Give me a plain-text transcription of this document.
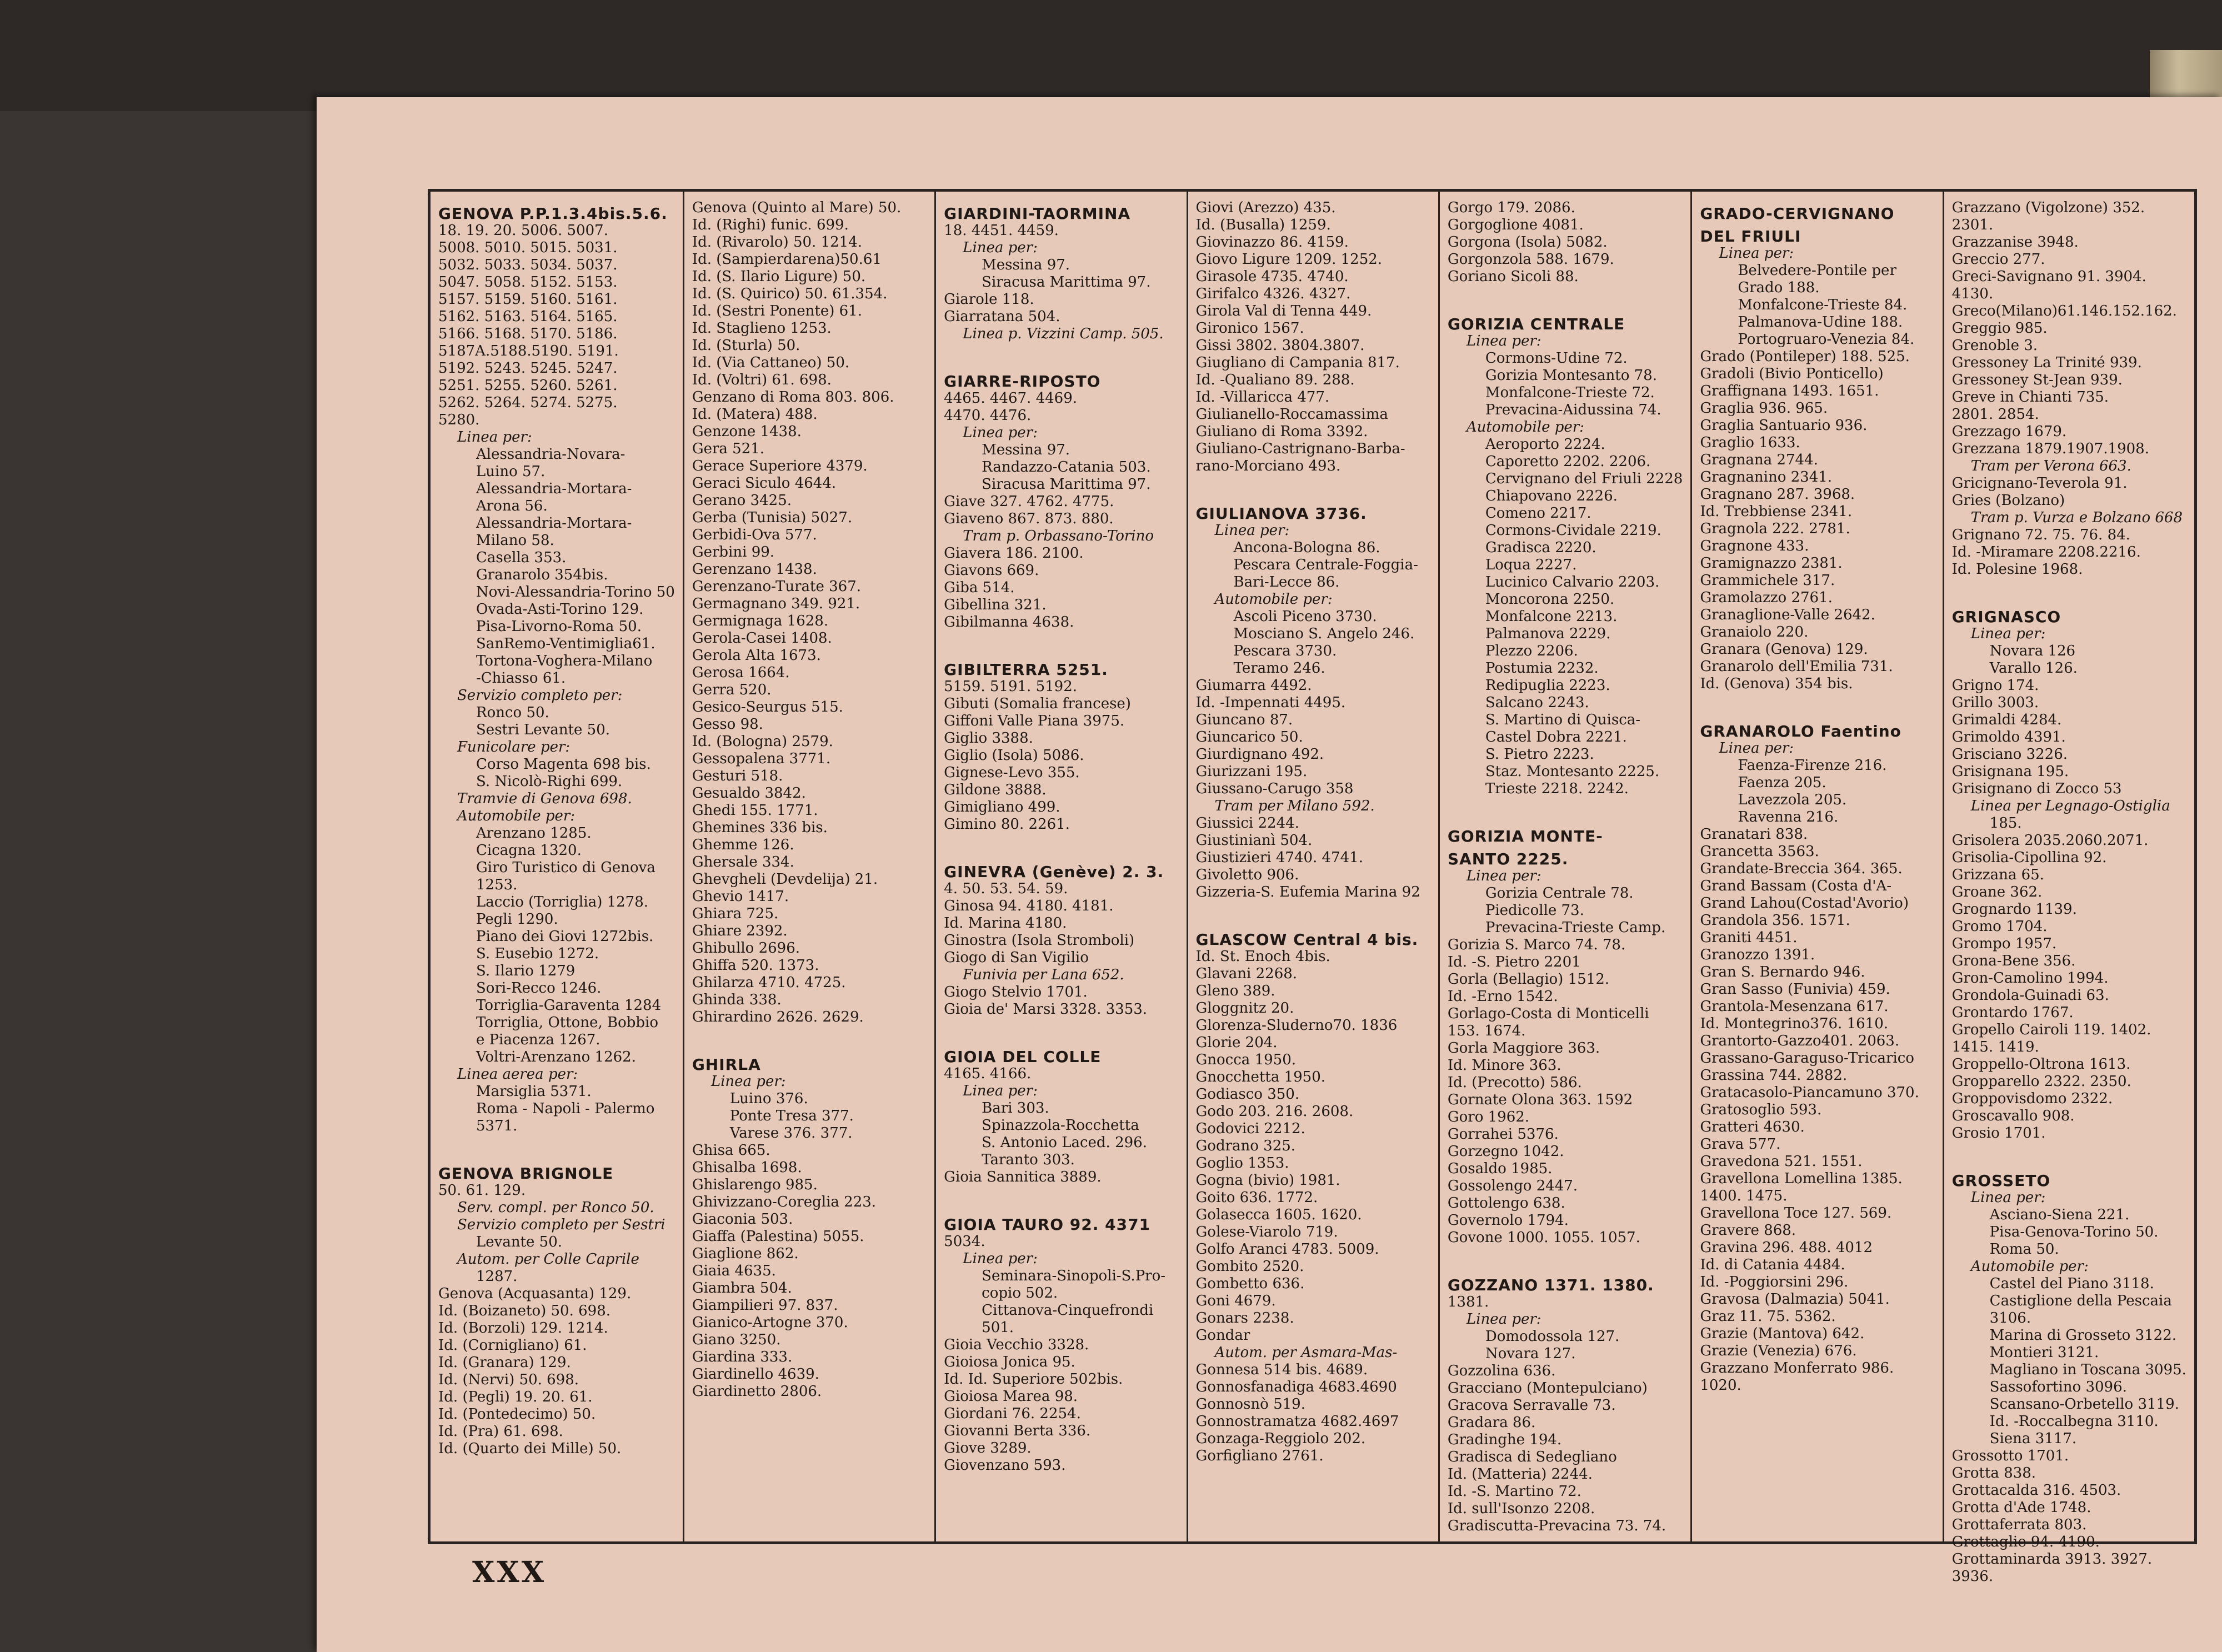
GENOVA P.P.1.3.4bis.5.6.
18. 19. 20. 5006. 5007.
5008. 5010. 5015. 5031.
5032. 5033. 5034. 5037.
5047. 5058. 5152. 5153.
5157. 5159. 5160. 5161.
5162. 5163. 5164. 5165.
5166. 5168. 5170. 5186.
5187A.5188.5190. 5191.
5192. 5243. 5245. 5247.
5251. 5255. 5260. 5261.
5262. 5264. 5274. 5275.
5280.
Linea per:
Alessandria-Novara-
Luino 57.
Alessandria-Mortara-
Arona 56.
Alessandria-Mortara-
Milano 58.
Casella 353.
Granarolo 354bis.
Novi-Alessandria-Torino 50
Ovada-Asti-Torino 129.
Pisa-Livorno-Roma 50.
SanRemo-Ventimiglia61.
Tortona-Voghera-Milano
-Chiasso 61.
Servizio completo per:
Ronco 50.
Sestri Levante 50.
Funicolare per:
Corso Magenta 698 bis.
S. Nicolò-Righi 699.
Tramvie di Genova 698.
Automobile per:
Arenzano 1285.
Cicagna 1320.
Giro Turistico di Genova
1253.
Laccio (Torriglia) 1278.
Pegli 1290.
Piano dei Giovi 1272bis.
S. Eusebio 1272.
S. Ilario 1279
Sori-Recco 1246.
Torriglia-Garaventa 1284
Torriglia, Ottone, Bobbio
e Piacenza 1267.
Voltri-Arenzano 1262.
Linea aerea per:
Marsiglia 5371.
Roma - Napoli - Palermo
5371.
GENOVA BRIGNOLE
50. 61. 129.
Serv. compl. per Ronco 50.
Servizio completo per Sestri
Levante 50.
Autom. per Colle Caprile
1287.
Genova (Acquasanta) 129.
Id. (Boizaneto) 50. 698.
Id. (Borzoli) 129. 1214.
Id. (Cornigliano) 61.
Id. (Granara) 129.
Id. (Nervi) 50. 698.
Id. (Pegli) 19. 20. 61.
Id. (Pontedecimo) 50.
Id. (Pra) 61. 698.
Id. (Quarto dei Mille) 50.
Genova (Quinto al Mare) 50.
Id. (Righi) funic. 699.
Id. (Rivarolo) 50. 1214.
Id. (Sampierdarena)50.61
Id. (S. Ilario Ligure) 50.
Id. (S. Quirico) 50. 61.354.
Id. (Sestri Ponente) 61.
Id. Staglieno 1253.
Id. (Sturla) 50.
Id. (Via Cattaneo) 50.
Id. (Voltri) 61. 698.
Genzano di Roma 803. 806.
Id. (Matera) 488.
Genzone 1438.
Gera 521.
Gerace Superiore 4379.
Geraci Siculo 4644.
Gerano 3425.
Gerba (Tunisia) 5027.
Gerbidi-Ova 577.
Gerbini 99.
Gerenzano 1438.
Gerenzano-Turate 367.
Germagnano 349. 921.
Germignaga 1628.
Gerola-Casei 1408.
Gerola Alta 1673.
Gerosa 1664.
Gerra 520.
Gesico-Seurgus 515.
Gesso 98.
Id. (Bologna) 2579.
Gessopalena 3771.
Gesturi 518.
Gesualdo 3842.
Ghedi 155. 1771.
Ghemines 336 bis.
Ghemme 126.
Ghersale 334.
Ghevgheli (Devdelija) 21.
Ghevio 1417.
Ghiara 725.
Ghiare 2392.
Ghibullo 2696.
Ghiffa 520. 1373.
Ghilarza 4710. 4725.
Ghinda 338.
Ghirardino 2626. 2629.
GHIRLA
Linea per:
Luino 376.
Ponte Tresa 377.
Varese 376. 377.
Ghisa 665.
Ghisalba 1698.
Ghislarengo 985.
Ghivizzano-Coreglia 223.
Giaconia 503.
Giaffa (Palestina) 5055.
Giaglione 862.
Giaia 4635.
Giambra 504.
Giampilieri 97. 837.
Gianico-Artogne 370.
Giano 3250.
Giardina 333.
Giardinello 4639.
Giardinetto 2806.
GIARDINI-TAORMINA
18. 4451. 4459.
Linea per:
Messina 97.
Siracusa Marittima 97.
Giarole 118.
Giarratana 504.
Linea p. Vizzini Camp. 505.
GIARRE-RIPOSTO
4465. 4467. 4469.
4470. 4476.
Linea per:
Messina 97.
Randazzo-Catania 503.
Siracusa Marittima 97.
Giave 327. 4762. 4775.
Giaveno 867. 873. 880.
Tram p. Orbassano-Torino
Giavera 186. 2100.
Giavons 669.
Giba 514.
Gibellina 321.
Gibilmanna 4638.
GIBILTERRA 5251.
5159. 5191. 5192.
Gibuti (Somalia francese)
Giffoni Valle Piana 3975.
Giglio 3388.
Giglio (Isola) 5086.
Gignese-Levo 355.
Gildone 3888.
Gimigliano 499.
Gimino 80. 2261.
GINEVRA (Genève) 2. 3.
4. 50. 53. 54. 59.
Ginosa 94. 4180. 4181.
Id. Marina 4180.
Ginostra (Isola Stromboli)
Giogo di San Vigilio
Funivia per Lana 652.
Giogo Stelvio 1701.
Gioia de' Marsi 3328. 3353.
GIOIA DEL COLLE
4165. 4166.
Linea per:
Bari 303.
Spinazzola-Rocchetta
S. Antonio Laced. 296.
Taranto 303.
Gioia Sannitica 3889.
GIOIA TAURO 92. 4371
5034.
Linea per:
Seminara-Sinopoli-S.Pro-
copio 502.
Cittanova-Cinquefrondi
501.
Gioia Vecchio 3328.
Gioiosa Jonica 95.
Id. Id. Superiore 502bis.
Gioiosa Marea 98.
Giordani 76. 2254.
Giovanni Berta 336.
Giove 3289.
Giovenzano 593.
Giovi (Arezzo) 435.
Id. (Busalla) 1259.
Giovinazzo 86. 4159.
Giovo Ligure 1209. 1252.
Girasole 4735. 4740.
Girifalco 4326. 4327.
Girola Val di Tenna 449.
Gironico 1567.
Gissi 3802. 3804.3807.
Giugliano di Campania 817.
Id. -Qualiano 89. 288.
Id. -Villaricca 477.
Giulianello-Roccamassima
Giuliano di Roma 3392.
Giuliano-Castrignano-Barba-
rano-Morciano 493.
GIULIANOVA 3736.
Linea per:
Ancona-Bologna 86.
Pescara Centrale-Foggia-
Bari-Lecce 86.
Automobile per:
Ascoli Piceno 3730.
Mosciano S. Angelo 246.
Pescara 3730.
Teramo 246.
Giumarra 4492.
Id. -Impennati 4495.
Giuncano 87.
Giuncarico 50.
Giurdignano 492.
Giurizzani 195.
Giussano-Carugo 358
Tram per Milano 592.
Giussici 2244.
Giustinianì 504.
Giustizieri 4740. 4741.
Givoletto 906.
Gizzeria-S. Eufemia Marina 92
GLASCOW Central 4 bis.
Id. St. Enoch 4bis.
Glavani 2268.
Gleno 389.
Gloggnitz 20.
Glorenza-Sluderno70. 1836
Glorie 204.
Gnocca 1950.
Gnocchetta 1950.
Godiasco 350.
Godo 203. 216. 2608.
Godovici 2212.
Godrano 325.
Goglio 1353.
Gogna (bivio) 1981.
Goito 636. 1772.
Golasecca 1605. 1620.
Golese-Viarolo 719.
Golfo Aranci 4783. 5009.
Gombito 2520.
Gombetto 636.
Goni 4679.
Gonars 2238.
Gondar
Autom. per Asmara-Mas-
Gonnesa 514 bis. 4689.
Gonnosfanadiga 4683.4690
Gonnosnò 519.
Gonnostramatza 4682.4697
Gonzaga-Reggiolo 202.
Gorfigliano 2761.
Gorgo 179. 2086.
Gorgoglione 4081.
Gorgona (Isola) 5082.
Gorgonzola 588. 1679.
Goriano Sicoli 88.
GORIZIA CENTRALE
Linea per:
Cormons-Udine 72.
Gorizia Montesanto 78.
Monfalcone-Trieste 72.
Prevacina-Aidussina 74.
Automobile per:
Aeroporto 2224.
Caporetto 2202. 2206.
Cervignano del Friuli 2228
Chiapovano 2226.
Comeno 2217.
Cormons-Cividale 2219.
Gradisca 2220.
Loqua 2227.
Lucinico Calvario 2203.
Moncorona 2250.
Monfalcone 2213.
Palmanova 2229.
Plezzo 2206.
Postumia 2232.
Redipuglia 2223.
Salcano 2243.
S. Martino di Quisca-
Castel Dobra 2221.
S. Pietro 2223.
Staz. Montesanto 2225.
Trieste 2218. 2242.
GORIZIA MONTE-
SANTO 2225.
Linea per:
Gorizia Centrale 78.
Piedicolle 73.
Prevacina-Trieste Camp.
Gorizia S. Marco 74. 78.
Id. -S. Pietro 2201
Gorla (Bellagio) 1512.
Id. -Erno 1542.
Gorlago-Costa di Monticelli
153. 1674.
Gorla Maggiore 363.
Id. Minore 363.
Id. (Precotto) 586.
Gornate Olona 363. 1592
Goro 1962.
Gorrahei 5376.
Gorzegno 1042.
Gosaldo 1985.
Gossolengo 2447.
Gottolengo 638.
Governolo 1794.
Govone 1000. 1055. 1057.
GOZZANO 1371. 1380.
1381.
Linea per:
Domodossola 127.
Novara 127.
Gozzolina 636.
Gracciano (Montepulciano)
Gracova Serravalle 73.
Gradara 86.
Gradinghe 194.
Gradisca di Sedegliano
Id. (Matteria) 2244.
Id. -S. Martino 72.
Id. sull'Isonzo 2208.
Gradiscutta-Prevacina 73. 74.
GRADO-CERVIGNANO
DEL FRIULI
Linea per:
Belvedere-Pontile per
Grado 188.
Monfalcone-Trieste 84.
Palmanova-Udine 188.
Portogruaro-Venezia 84.
Grado (Pontileper) 188. 525.
Gradoli (Bivio Ponticello)
Graffignana 1493. 1651.
Graglia 936. 965.
Graglia Santuario 936.
Graglio 1633.
Gragnana 2744.
Gragnanino 2341.
Gragnano 287. 3968.
Id. Trebbiense 2341.
Gragnola 222. 2781.
Gragnone 433.
Gramignazzo 2381.
Grammichele 317.
Gramolazzo 2761.
Granaglione-Valle 2642.
Granaiolo 220.
Granara (Genova) 129.
Granarolo dell'Emilia 731.
Id. (Genova) 354 bis.
GRANAROLO Faentino
Linea per:
Faenza-Firenze 216.
Faenza 205.
Lavezzola 205.
Ravenna 216.
Granatari 838.
Grancetta 3563.
Grandate-Breccia 364. 365.
Grand Bassam (Costa d'A-
Grand Lahou(Costad'Avorio)
Grandola 356. 1571.
Graniti 4451.
Granozzo 1391.
Gran S. Bernardo 946.
Gran Sasso (Funivia) 459.
Grantola-Mesenzana 617.
Id. Montegrino376. 1610.
Grantorto-Gazzo401. 2063.
Grassano-Garaguso-Tricarico
Grassina 744. 2882.
Gratacasolo-Piancamuno 370.
Gratosoglio 593.
Gratteri 4630.
Grava 577.
Gravedona 521. 1551.
Gravellona Lomellina 1385.
1400. 1475.
Gravellona Toce 127. 569.
Gravere 868.
Gravina 296. 488. 4012
Id. di Catania 4484.
Id. -Poggiorsini 296.
Gravosa (Dalmazia) 5041.
Graz 11. 75. 5362.
Grazie (Mantova) 642.
Grazie (Venezia) 676.
Grazzano Monferrato 986.
1020.
Grazzano (Vigolzone) 352.
2301.
Grazzanise 3948.
Greccio 277.
Greci-Savignano 91. 3904.
4130.
Greco(Milano)61.146.152.162.
Greggio 985.
Grenoble 3.
Gressoney La Trinité 939.
Gressoney St-Jean 939.
Greve in Chianti 735.
2801. 2854.
Grezzago 1679.
Grezzana 1879.1907.1908.
Tram per Verona 663.
Gricignano-Teverola 91.
Gries (Bolzano)
Tram p. Vurza e Bolzano 668
Grignano 72. 75. 76. 84.
Id. -Miramare 2208.2216.
Id. Polesine 1968.
GRIGNASCO
Linea per:
Novara 126
Varallo 126.
Grigno 174.
Grillo 3003.
Grimaldi 4284.
Grimoldo 4391.
Grisciano 3226.
Grisignana 195.
Grisignano di Zocco 53
Linea per Legnago-Ostiglia
185.
Grisolera 2035.2060.2071.
Grisolia-Cipollina 92.
Grizzana 65.
Groane 362.
Grognardo 1139.
Gromo 1704.
Grompo 1957.
Grona-Bene 356.
Gron-Camolino 1994.
Grondola-Guinadi 63.
Grontardo 1767.
Gropello Cairoli 119. 1402.
1415. 1419.
Groppello-Oltrona 1613.
Gropparello 2322. 2350.
Groppovisdomo 2322.
Groscavallo 908.
Grosio 1701.
GROSSETO
Linea per:
Asciano-Siena 221.
Pisa-Genova-Torino 50.
Roma 50.
Automobile per:
Castel del Piano 3118.
Castiglione della Pescaia
3106.
Marina di Grosseto 3122.
Montieri 3121.
Magliano in Toscana 3095.
Sassofortino 3096.
Scansano-Orbetello 3119.
Id. -Roccalbegna 3110.
Siena 3117.
Grossotto 1701.
Grotta 838.
Grottacalda 316. 4503.
Grotta d'Ade 1748.
Grottaferrata 803.
Grottaglie 94. 4190.
Grottaminarda 3913. 3927.
3936.
XXX
